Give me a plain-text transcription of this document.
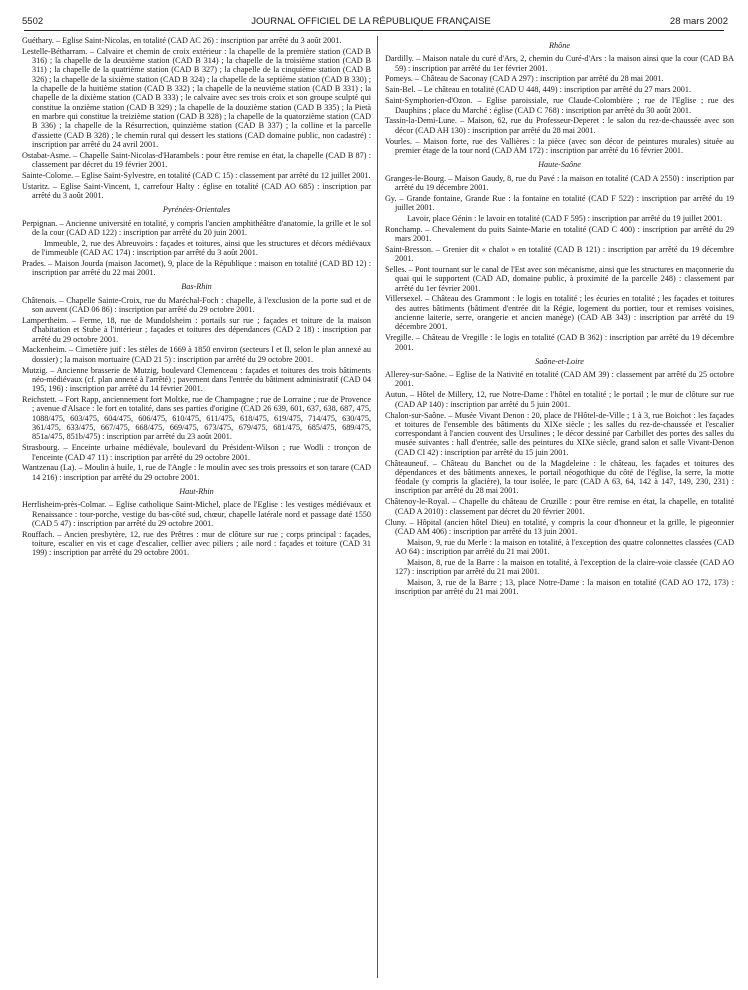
5502	JOURNAL OFFICIEL DE LA RÉPUBLIQUE FRANÇAISE	28 mars 2002

Guéthary. – Eglise Saint-Nicolas, en totalité (CAD AC 26) : inscription par arrêté du 3 août 2001.

Lestelle-Bétharram. – Calvaire et chemin de croix extérieur : la chapelle de la première station (CAD B 316) ; la chapelle de la deuxième station (CAD B 314) ; la chapelle de la troisième station (CAD B 311) ; la chapelle de la quatrième station (CAD B 327) ; la chapelle de la cinquième station (CAD B 326) ; la chapelle de la sixième station (CAD B 324) ; la chapelle de la septième station (CAD B 330) ; la chapelle de la huitième station (CAD B 332) ; la chapelle de la neuvième station (CAD B 331) ; la chapelle de la dixième station (CAD B 333) ; le calvaire avec ses trois croix et son groupe sculpté qui constitue la onzième station (CAD B 329) ; la chapelle de la douzième station (CAD B 335) ; la Pietà en marbre qui constitue la treizième station (CAD B 328) ; la chapelle de la quatorzième station (CAD B 336) ; la chapelle de la Résurrection, quinzième station (CAD B 337) ; la colline et la parcelle d'assiette (CAD B 328) ; le chemin rural qui dessert les stations (CAD domaine public, non cadastré) : inscription par arrêté du 24 avril 2001.

Ostabat-Asme. – Chapelle Saint-Nicolas-d'Harambels : pour être remise en état, la chapelle (CAD B 87) : classement par décret du 19 février 2001.

Sainte-Colome. – Eglise Saint-Sylvestre, en totalité (CAD C 15) : classement par arrêté du 12 juillet 2001.

Ustaritz. – Eglise Saint-Vincent, 1, carrefour Halty : église en totalité (CAD AO 685) : inscription par arrêté du 3 août 2001.

Pyrénées-Orientales

Perpignan. – Ancienne université en totalité, y compris l'ancien amphithéâtre d'anatomie, la grille et le sol de la cour (CAD AD 122) : inscription par arrêté du 20 juin 2001.

Immeuble, 2, rue des Abreuvoirs : façades et toitures, ainsi que les structures et décors médiévaux de l'immeuble (CAD AC 174) : inscription par arrêté du 3 août 2001.

Prades. – Maison Jourda (maison Jacomet), 9, place de la République : maison en totalité (CAD BD 12) : inscription par arrêté du 22 mai 2001.

Bas-Rhin

Châtenois. – Chapelle Sainte-Croix, rue du Maréchal-Foch : chapelle, à l'exclusion de la porte sud et de son auvent (CAD 06 86) : inscription par arrêté du 29 octobre 2001.

Lampertheim. – Ferme, 18, rue de Mundolsheim : portails sur rue ; façades et toiture de la maison d'habitation et Stube à l'intérieur ; façades et toitures des dépendances (CAD 2 18) : inscription par arrêté du 29 octobre 2001.

Mackenheim. – Cimetière juif : les stèles de 1669 à 1850 environ (secteurs I et II, selon le plan annexé au dossier) ; la maison mortuaire (CAD 21 5) : inscription par arrêté du 29 octobre 2001.

Mutzig. – Ancienne brasserie de Mutzig, boulevard Clemenceau : façades et toitures des trois bâtiments néo-médiévaux (cf. plan annexé à l'arrêté) ; pavement dans l'entrée du bâtiment administratif (CAD 04 195, 196) : inscription par arrêté du 14 février 2001.

Reichstett. – Fort Rapp, anciennement fort Moltke, rue de Champagne ; rue de Lorraine ; rue de Provence ; avenue d'Alsace : le fort en totalité, dans ses parties d'origine (CAD 26 639, 601, 637, 638, 687, 475, 1088/475, 603/475, 604/475, 606/475, 610/475, 611/475, 618/475, 619/475, 714/475, 630/475, 361/475, 633/475, 667/475, 668/475, 669/475, 673/475, 679/475, 681/475, 685/475, 689/475, 851a/475, 851b/475) : inscription par arrêté du 23 août 2001.

Strasbourg. – Enceinte urbaine médiévale, boulevard du Président-Wilson ; rue Wodli : tronçon de l'enceinte (CAD 47 11) : inscription par arrêté du 29 octobre 2001.

Wantzenau (La). – Moulin à huile, 1, rue de l'Angle : le moulin avec ses trois pressoirs et son tarare (CAD 14 216) : inscription par arrêté du 29 octobre 2001.

Haut-Rhin

Herrlisheim-près-Colmar. – Eglise catholique Saint-Michel, place de l'Eglise : les vestiges médiévaux et Renaissance : tour-porche, vestige du bas-côté sud, chœur, chapelle latérale nord et passage daté 1550 (CAD 5 47) : inscription par arrêté du 29 octobre 2001.

Rouffach. – Ancien presbytère, 12, rue des Prêtres : mur de clôture sur rue ; corps principal : façades, toiture, escalier en vis et cage d'escalier, cellier avec piliers ; aile nord : façades et toiture (CAD 31 199) : inscription par arrêté du 29 octobre 2001.

Rhône

Dardilly. – Maison natale du curé d'Ars, 2, chemin du Curé-d'Ars : la maison ainsi que la cour (CAD BA 59) : inscription par arrêté du 1er février 2001.

Pomeys. – Château de Saconay (CAD A 297) : inscription par arrêté du 28 mai 2001.

Sain-Bel. – Le château en totalité (CAD U 448, 449) : inscription par arrêté du 27 mars 2001.

Saint-Symphorien-d'Ozon. – Eglise paroissiale, rue Claude-Colombière ; rue de l'Eglise ; rue des Dauphins ; place du Marché : église (CAD C 768) : inscription par arrêté du 30 août 2001.

Tassin-la-Demi-Lune. – Maison, 62, rue du Professeur-Deperet : le salon du rez-de-chaussée avec son décor (CAD AH 130) : inscription par arrêté du 28 mai 2001.

Vourles. – Maison forte, rue des Vallières : la pièce (avec son décor de peintures murales) située au premier étage de la tour nord (CAD AM 172) : inscription par arrêté du 16 février 2001.

Haute-Saône

Granges-le-Bourg. – Maison Gaudy, 8, rue du Pavé : la maison en totalité (CAD A 2550) : inscription par arrêté du 19 décembre 2001.

Gy. – Grande fontaine, Grande Rue : la fontaine en totalité (CAD F 522) : inscription par arrêté du 19 juillet 2001.

Lavoir, place Génin : le lavoir en totalité (CAD F 595) : inscription par arrêté du 19 juillet 2001.

Ronchamp. – Chevalement du puits Sainte-Marie en totalité (CAD C 400) : inscription par arrêté du 29 mars 2001.

Saint-Bresson. – Grenier dit « chalot » en totalité (CAD B 121) : inscription par arrêté du 19 décembre 2001.

Selles. – Pont tournant sur le canal de l'Est avec son mécanisme, ainsi que les structures en maçonnerie du quai qui le supportent (CAD AD, domaine public, à proximité de la parcelle 248) : classement par arrêté du 1er février 2001.

Villersexel. – Château des Grammont : le logis en totalité ; les écuries en totalité ; les façades et toitures des autres bâtiments (bâtiment d'entrée dit la Régie, logement du portier, tour et remises voisines, ancienne laiterie, serre, orangerie et ancien manège) (CAD AB 343) : inscription par arrêté du 19 décembre 2001.

Vregille. – Château de Vregille : le logis en totalité (CAD B 362) : inscription par arrêté du 19 décembre 2001.

Saône-et-Loire

Allerey-sur-Saône. – Eglise de la Nativité en totalité (CAD AM 39) : classement par arrêté du 25 octobre 2001.

Autun. – Hôtel de Millery, 12, rue Notre-Dame : l'hôtel en totalité ; le portail ; le mur de clôture sur rue (CAD AP 140) : inscription par arrêté du 5 juin 2001.

Chalon-sur-Saône. – Musée Vivant Denon : 20, place de l'Hôtel-de-Ville ; 1 à 3, rue Boichot : les façades et toitures de l'ensemble des bâtiments du XIXe siècle ; les salles du rez-de-chaussée et l'escalier correspondant à l'ancien couvent des Ursulines ; le décor dessiné par Carbillet des portes des salles du musée suivantes : hall d'entrée, salle des peintures du XIXe siècle, grand salon et salle Vivant-Denon (CAD CI 42) : inscription par arrêté du 15 juin 2001.

Châteauneuf. – Château du Banchet ou de la Magdeleine : le château, les façades et toitures des dépendances et des bâtiments annexes, le portail néogothique du côté de l'église, la serre, la motte féodale (y compris la glacière), la tour isolée, le parc (CAD A 63, 64, 142 à 147, 149, 230, 231) : inscription par arrêté du 28 mai 2001.

Châtenoy-le-Royal. – Chapelle du château de Cruzille : pour être remise en état, la chapelle, en totalité (CAD A 2010) : classement par décret du 20 février 2001.

Cluny. – Hôpital (ancien hôtel Dieu) en totalité, y compris la cour d'honneur et la grille, le pigeonnier (CAD AM 406) : inscription par arrêté du 13 juin 2001.

Maison, 9, rue du Merle : la maison en totalité, à l'exception des quatre colonnettes classées (CAD AO 64) : inscription par arrêté du 21 mai 2001.

Maison, 8, rue de la Barre : la maison en totalité, à l'exception de la claire-voie classée (CAD AO 127) : inscription par arrêté du 21 mai 2001.

Maison, 3, rue de la Barre ; 13, place Notre-Dame : la maison en totalité (CAD AO 172, 173) : inscription par arrêté du 21 mai 2001.
